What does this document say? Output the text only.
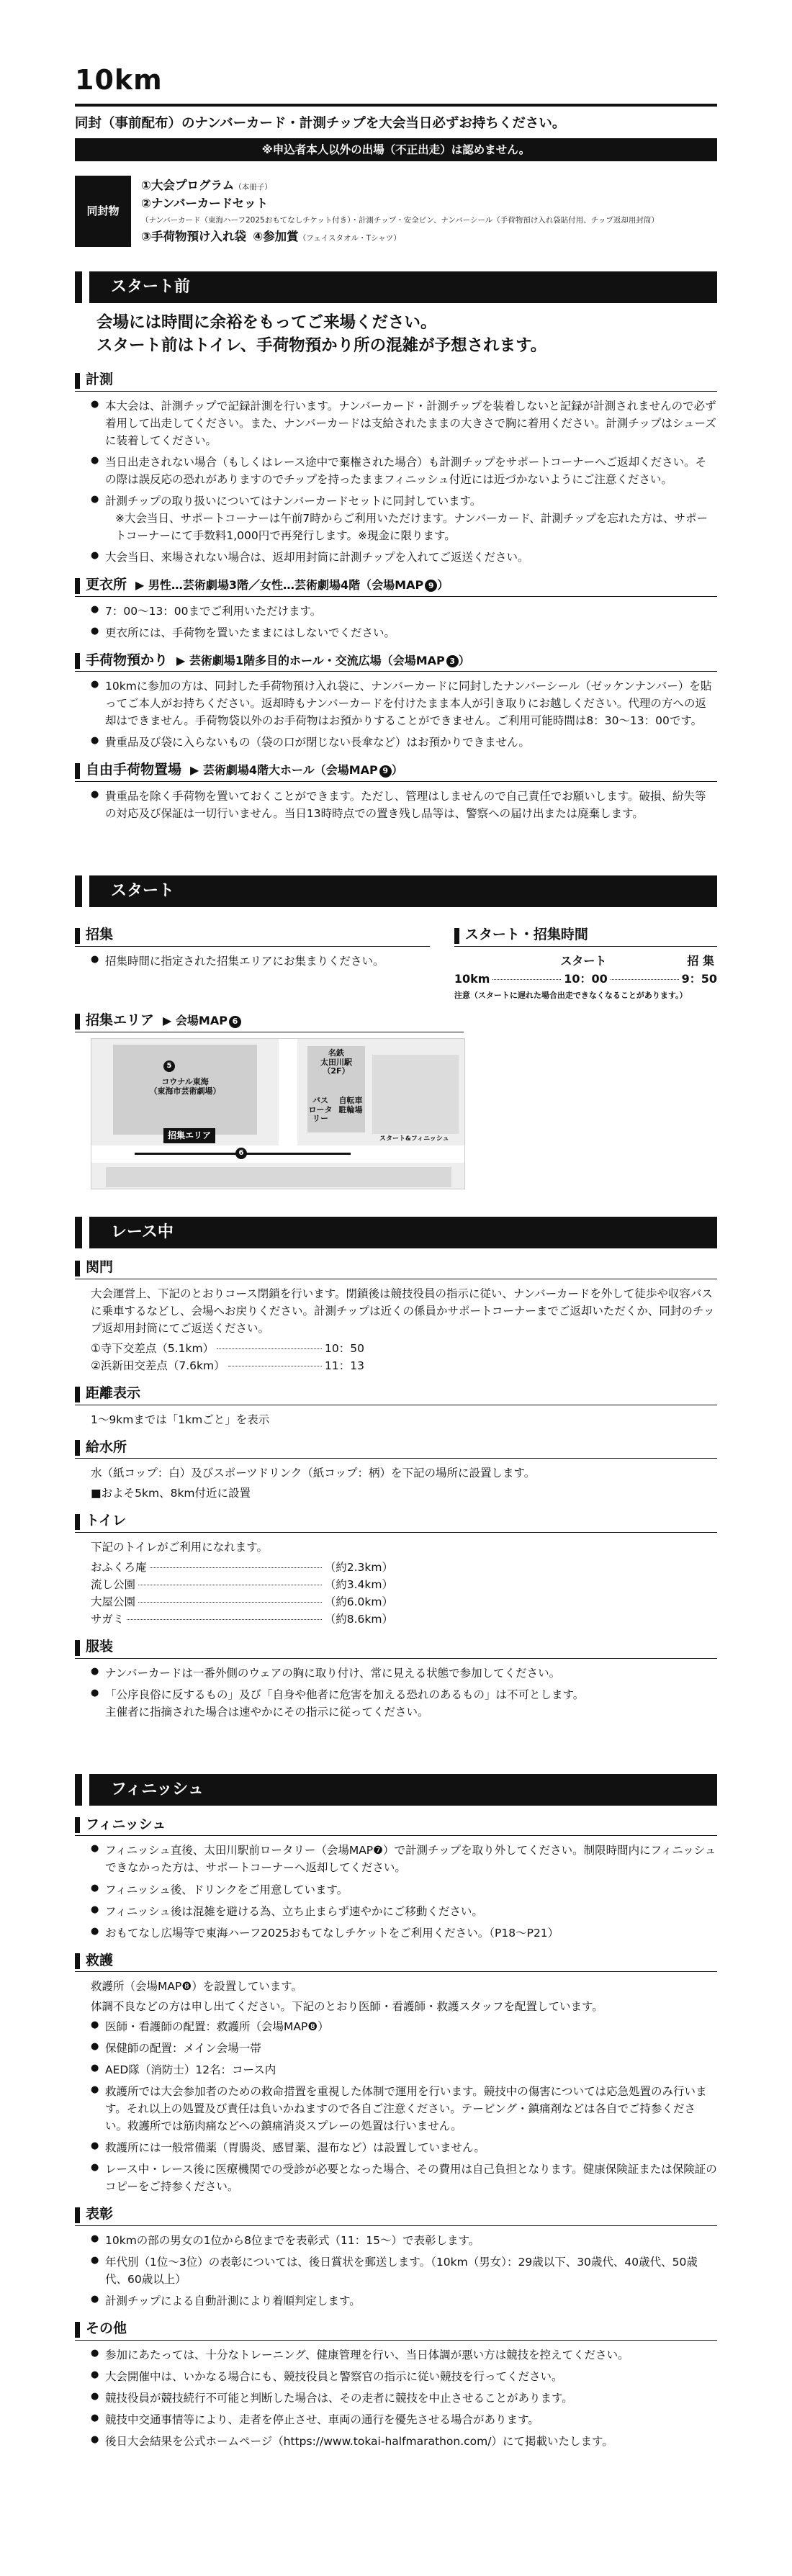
10km

同封（事前配布）のナンバーカード・計測チップを大会当日必ずお持ちください。

※申込者本人以外の出場（不正出走）は認めません。
同封物
①大会プログラム（本冊子）
②ナンバーカードセット
（ナンバーカード（東海ハーフ2025おもてなしチケット付き）・計測チップ・安全ピン、ナンバーシール（手荷物預け入れ袋貼付用、チップ返却用封筒）
③手荷物預け入れ袋 ④参加賞（フェイスタオル・Tシャツ）
スタート前
会場には時間に余裕をもってご来場ください。
スタート前はトイレ、手荷物預かり所の混雑が予想されます。
計測
● 本大会は、計測チップで記録計測を行います。ナンバーカード・計測チップを装着しないと記録が計測されませんので必ず着用して出走してください。また、ナンバーカードは支給されたままの大きさで胸に着用ください。計測チップはシューズに装着してください。
● 当日出走されない場合（もしくはレース途中で棄権された場合）も計測チップをサポートコーナーへご返却ください。その際は誤反応の恐れがありますのでチップを持ったままフィニッシュ付近には近づかないようにご注意ください。
● 計測チップの取り扱いについてはナンバーカードセットに同封しています。
※大会当日、サポートコーナーは午前7時からご利用いただけます。ナンバーカード、計測チップを忘れた方は、サポートコーナーにて手数料1,000円で再発行します。※現金に限ります。
● 大会当日、来場されない場合は、返却用封筒に計測チップを入れてご返送ください。
更衣所 ▶ 男性…芸術劇場3階／女性…芸術劇場4階（会場MAP 9 ）
● 7：00～13：00までご利用いただけます。
● 更衣所には、手荷物を置いたままにはしないでください。
手荷物預かり ▶ 芸術劇場1階多目的ホール・交流広場（会場MAP 3 ）
● 10kmに参加の方は、同封した手荷物預け入れ袋に、ナンバーカードに同封したナンバーシール（ゼッケンナンバー）を貼ってご本人がお持ちください。返却時もナンバーカードを付けたまま本人が引き取りにお越しください。代理の方への返却はできません。手荷物袋以外のお手荷物はお預かりすることができません。ご利用可能時間は8：30～13：00です。
● 貴重品及び袋に入らないもの（袋の口が閉じない長傘など）はお預かりできません。
自由手荷物置場 ▶ 芸術劇場4階大ホール（会場MAP 9 ）
● 貴重品を除く手荷物を置いておくことができます。ただし、管理はしませんので自己責任でお願いします。破損、紛失等の対応及び保証は一切行いません。当日13時時点での置き残し品等は、警察への届け出または廃棄します。
スタート
招集
● 招集時間に指定された招集エリアにお集まりください。
スタート・招集時間
スタート	招 集
10km	10：00	9：50
注意（スタートに遅れた場合出走できなくなることがあります。）
招集エリア ▶ 会場MAP 6
5
コウナル東海
（東海市芸術劇場）
名鉄
太田川駅
（2F）
バス
ロータリー
自転車
駐輪場
招集エリア
6
スタート&フィニッシュ
レース中
関門

大会運営上、下記のとおりコース閉鎖を行います。閉鎖後は競技役員の指示に従い、ナンバーカードを外して徒歩や収容バスに乗車するなどし、会場へお戻りください。計測チップは近くの係員かサポートコーナーまでご返却いただくか、同封のチップ返却用封筒にてご返送ください。

①寺下交差点（5.1km）	10：50
②浜新田交差点（7.6km）	11：13
距離表示

1～9kmまでは「1kmごと」を表示

給水所

水（紙コップ：白）及びスポーツドリンク（紙コップ：柄）を下記の場所に設置します。

■およそ5km、8km付近に設置

トイレ

下記のトイレがご利用になれます。

おふくろ庵	（約2.3km）
流し公園	（約3.4km）
大屋公園	（約6.0km）
サガミ	（約8.6km）
服装
● ナンバーカードは一番外側のウェアの胸に取り付け、常に見える状態で参加してください。
● 「公序良俗に反するもの」及び「自身や他者に危害を加える恐れのあるもの」は不可とします。
主催者に指摘された場合は速やかにその指示に従ってください。
フィニッシュ
フィニッシュ
● フィニッシュ直後、太田川駅前ロータリー（会場MAP❼）で計測チップを取り外してください。制限時間内にフィニッシュできなかった方は、サポートコーナーへ返却してください。
● フィニッシュ後、ドリンクをご用意しています。
● フィニッシュ後は混雑を避ける為、立ち止まらず速やかにご移動ください。
● おもてなし広場等で東海ハーフ2025おもてなしチケットをご利用ください。（P18～P21）
救護

救護所（会場MAP❽）を設置しています。

体調不良などの方は申し出てください。下記のとおり医師・看護師・救護スタッフを配置しています。

● 医師・看護師の配置：救護所（会場MAP❽）
● 保健師の配置：メイン会場一帯
● AED隊（消防士）12名：コース内
● 救護所では大会参加者のための救命措置を重視した体制で運用を行います。競技中の傷害については応急処置のみ行います。それ以上の処置及び責任は負いかねますので各自ご注意ください。テーピング・鎮痛剤などは各自でご持参ください。救護所では筋肉痛などへの鎮痛消炎スプレーの処置は行いません。
● 救護所には一般常備薬（胃腸炎、感冒薬、湿布など）は設置していません。
● レース中・レース後に医療機関での受診が必要となった場合、その費用は自己負担となります。健康保険証または保険証のコピーをご持参ください。
表彰
● 10kmの部の男女の1位から8位までを表彰式（11：15～）で表彰します。
● 年代別（1位～3位）の表彰については、後日賞状を郵送します。（10km（男女）：29歳以下、30歳代、40歳代、50歳代、60歳以上）
● 計測チップによる自動計測により着順判定します。
その他
● 参加にあたっては、十分なトレーニング、健康管理を行い、当日体調が悪い方は競技を控えてください。
● 大会開催中は、いかなる場合にも、競技役員と警察官の指示に従い競技を行ってください。
● 競技役員が競技続行不可能と判断した場合は、その走者に競技を中止させることがあります。
● 競技中交通事情等により、走者を停止させ、車両の通行を優先させる場合があります。
● 後日大会結果を公式ホームページ（https://www.tokai-halfmarathon.com/）にて掲載いたします。
